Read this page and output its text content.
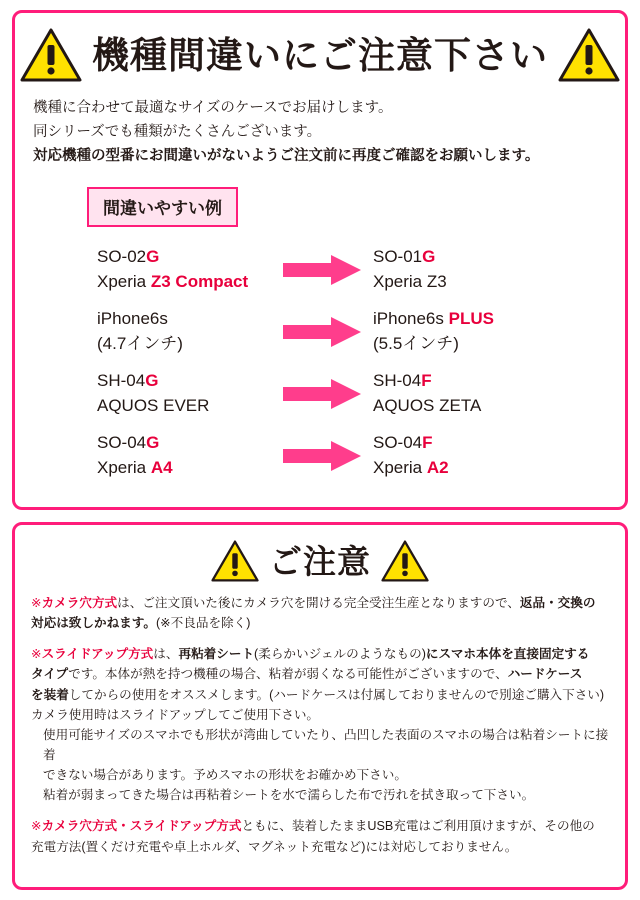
機種間違いにご注意下さい
機種に合わせて最適なサイズのケースでお届けします。
同シリーズでも種類がたくさんございます。
対応機種の型番にお間違いがないようご注文前に再度ご確認をお願いします。
間違いやすい例
SO-02G
Xperia Z3 Compact
SO-01G
Xperia Z3
iPhone6s
(4.7インチ)
iPhone6s PLUS
(5.5インチ)
SH-04G
AQUOS EVER
SH-04F
AQUOS ZETA
SO-04G
Xperia A4
SO-04F
Xperia A2
ご注意
※カメラ穴方式は、ご注文頂いた後にカメラ穴を開ける完全受注生産となりますので、返品・交換の
対応は致しかねます。(※不良品を除く)
※スライドアップ方式は、再粘着シート(柔らかいジェルのようなもの)にスマホ本体を直接固定する
タイプです。本体が熱を持つ機種の場合、粘着が弱くなる可能性がございますので、ハードケース
を装着してからの使用をオススメします。(ハードケースは付属しておりませんので別途ご購入下さい)
カメラ使用時はスライドアップしてご使用下さい。
使用可能サイズのスマホでも形状が湾曲していたり、凸凹した表面のスマホの場合は粘着シートに接着
できない場合があります。予めスマホの形状をお確かめ下さい。
粘着が弱まってきた場合は再粘着シートを水で濡らした布で汚れを拭き取って下さい。
※カメラ穴方式・スライドアップ方式ともに、装着したままUSB充電はご利用頂けますが、その他の
充電方法(置くだけ充電や卓上ホルダ、マグネット充電など)には対応しておりません。
